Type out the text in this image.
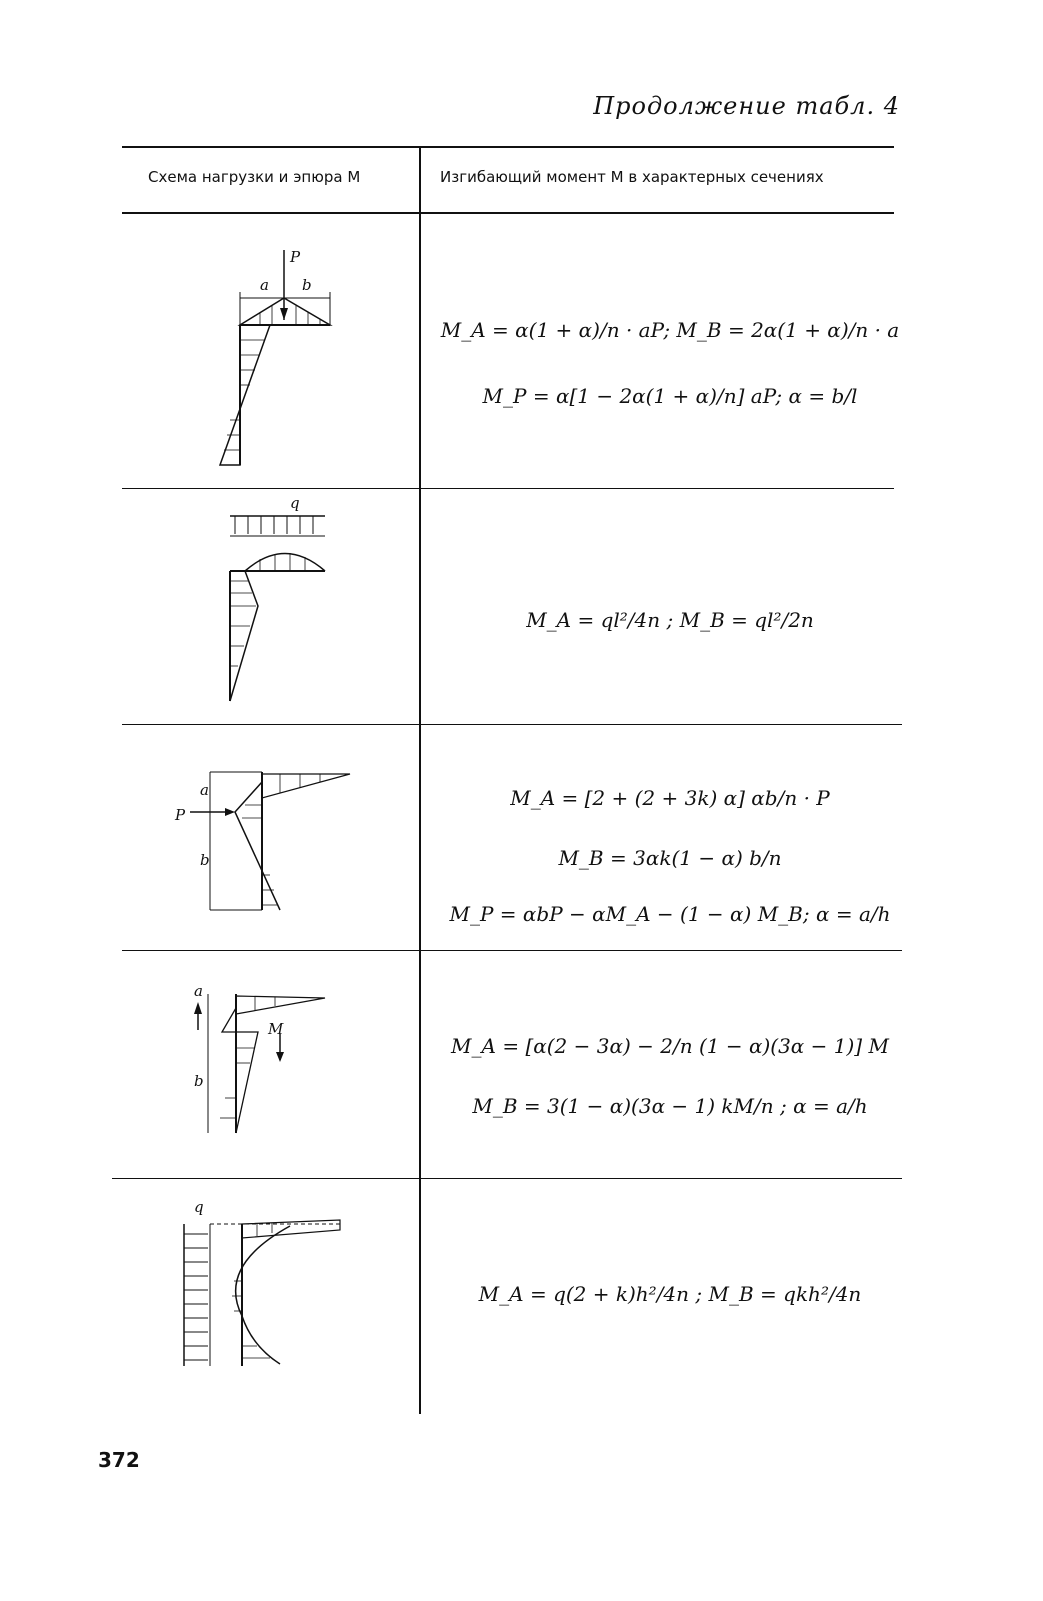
Продолжение табл. 4
Схема нагрузки и эпюра M	Изгибающий момент M в характерных сечениях
P
a b
M_A = α(1 + α)/n · aP; M_B = 2α(1 + α)/n · a
M_P = α[1 − 2α(1 + α)/n] aP; α = b/l
q
M_A = ql²/4n ; M_B = ql²/2n
P
a
b
M_A = [2 + (2 + 3k) α] αb/n · P
M_B = 3αk(1 − α) b/n
M_P = αbP − αM_A − (1 − α) M_B; α = a/h
a
M
b
M_A = [α(2 − 3α) − 2/n (1 − α)(3α − 1)] M
M_B = 3(1 − α)(3α − 1) kM/n ; α = a/h
q
M_A = q(2 + k)h²/4n ; M_B = qkh²/4n
372
